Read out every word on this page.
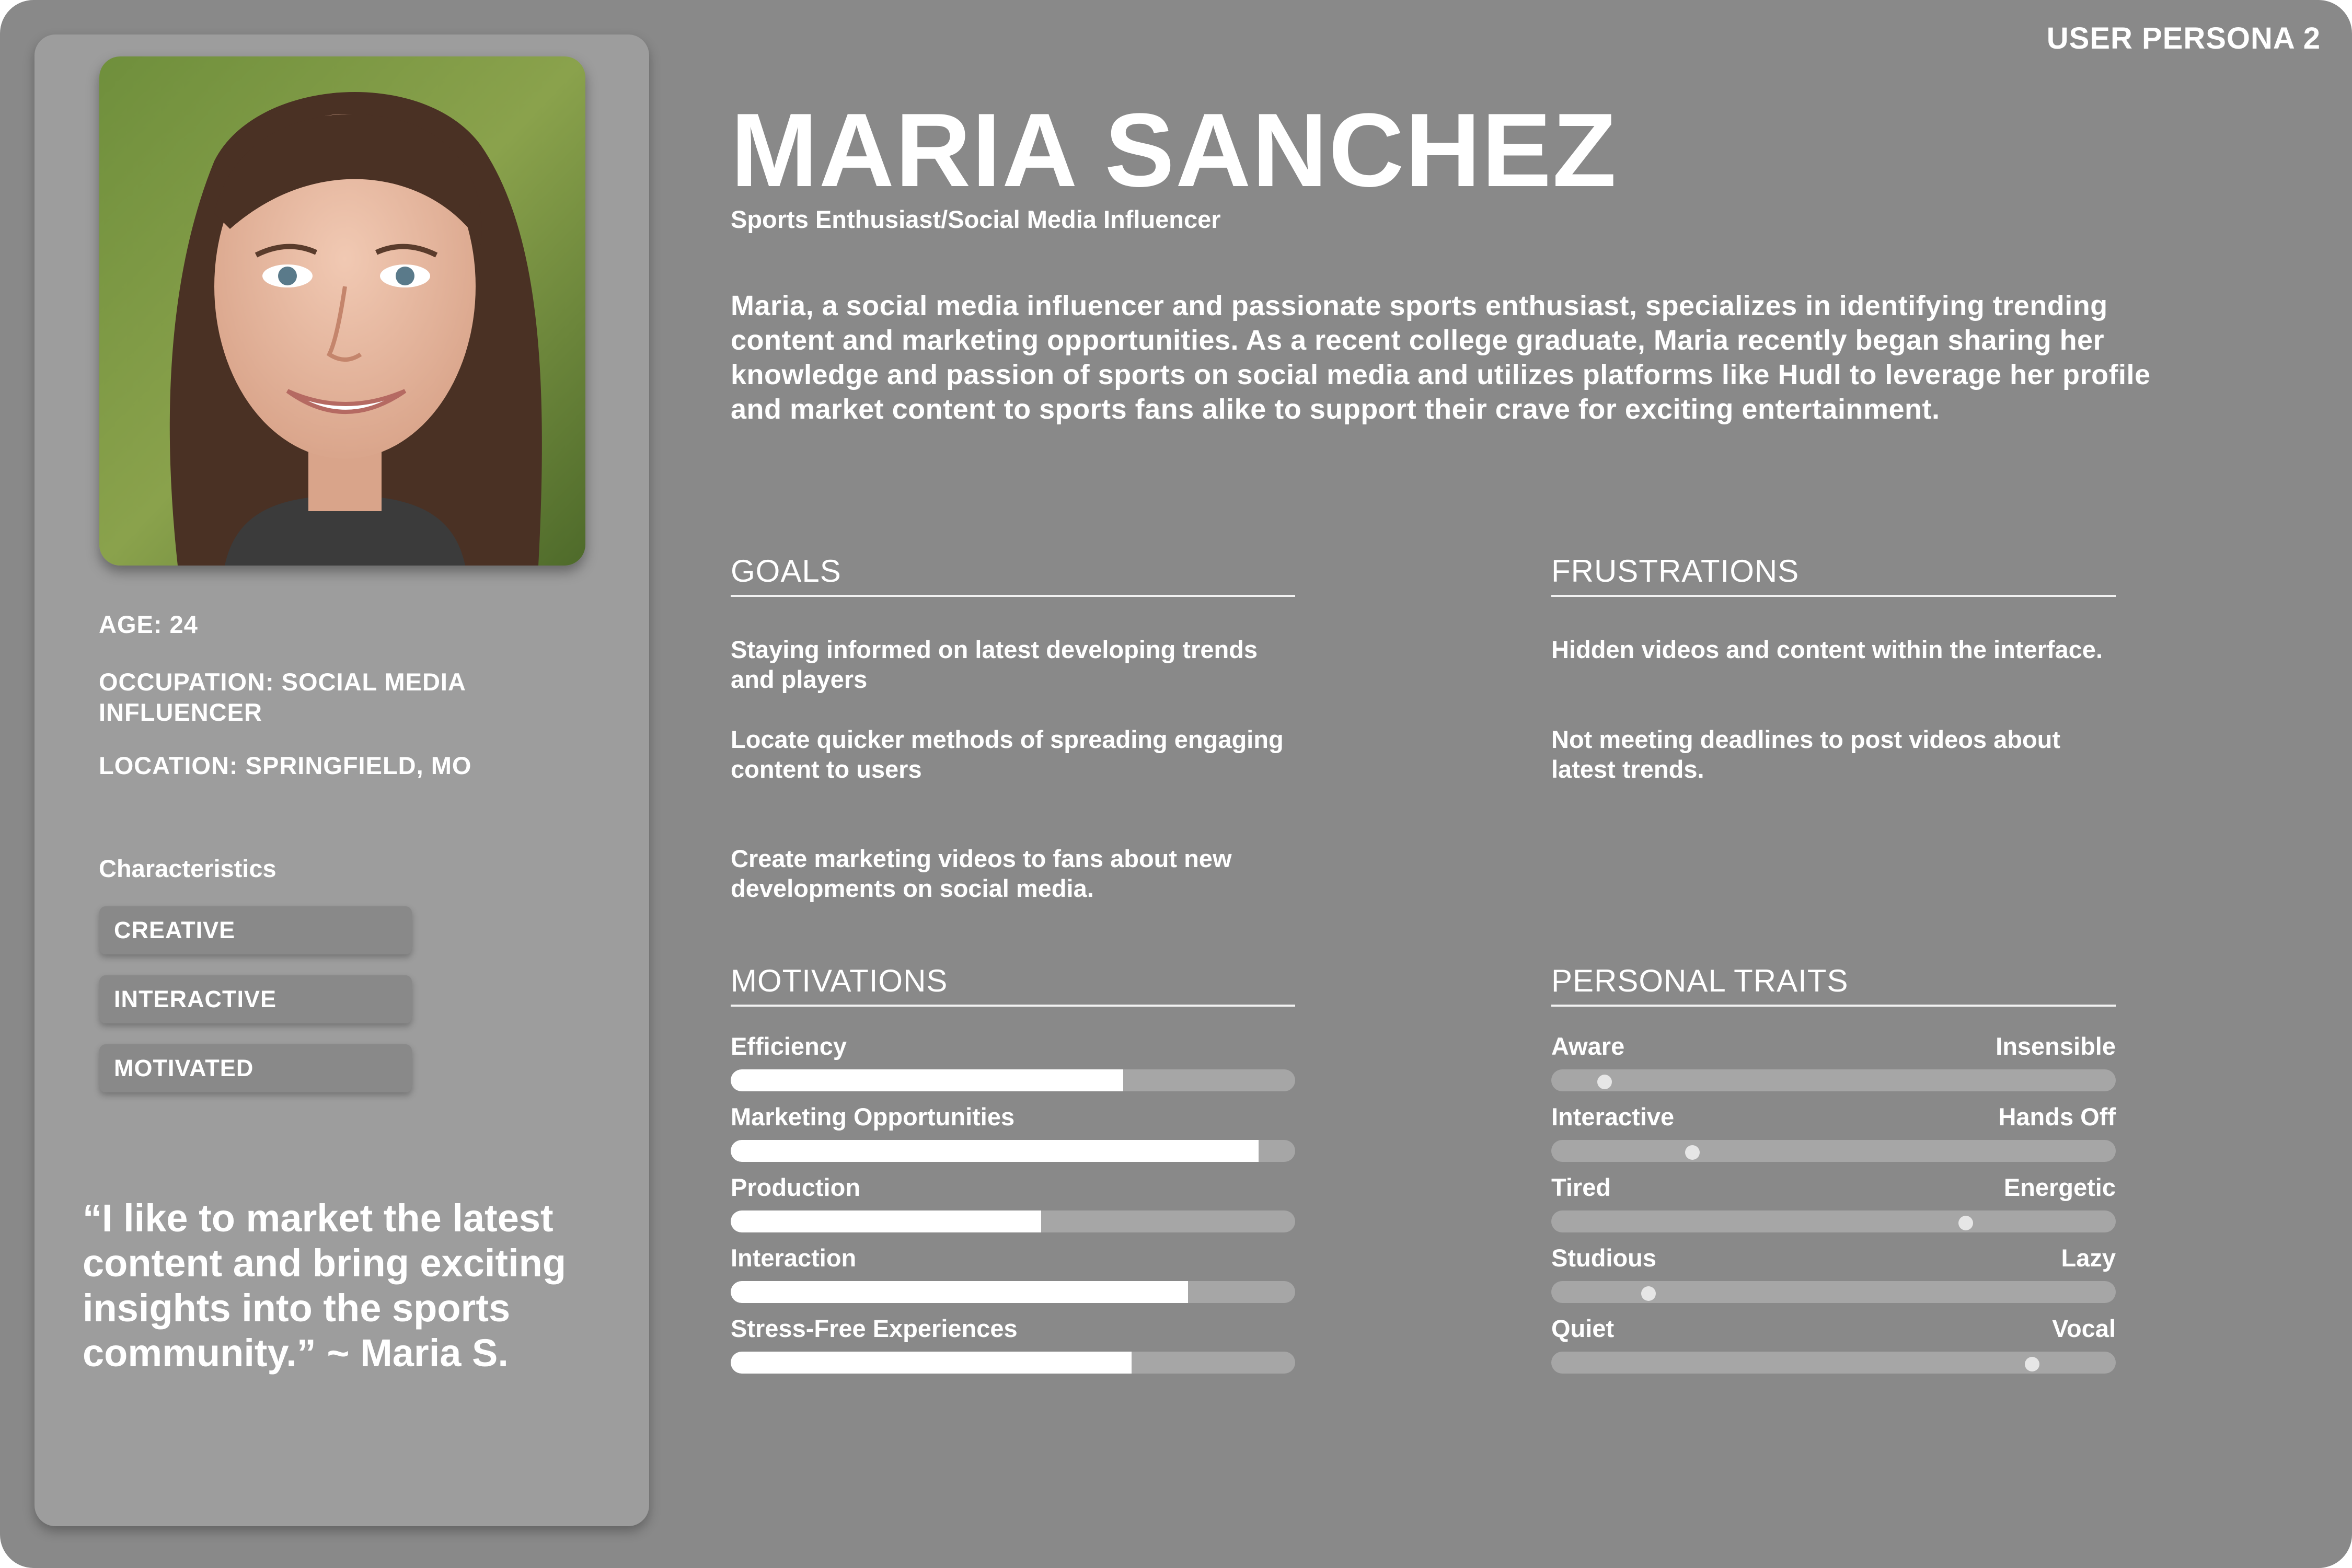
USER PERSONA 2
AGE: 24
OCCUPATION: SOCIAL MEDIA INFLUENCER
LOCATION: SPRINGFIELD, MO
Characteristics
CREATIVE
INTERACTIVE
MOTIVATED
“I like to market the latest content and bring exciting insights into the sports community.” ~ Maria S.
MARIA SANCHEZ
Sports Enthusiast/Social Media Influencer
Maria, a social media influencer and passionate sports enthusiast, specializes in identifying trending content and marketing opportunities. As a recent college graduate, Maria recently began sharing her knowledge and passion of sports on social media and utilizes platforms like Hudl to leverage her profile and market content to sports fans alike to support their crave for exciting entertainment.
GOALS
Staying informed on latest developing trends and players
Locate quicker methods of spreading engaging content to users
Create marketing videos to fans about new developments on social media.
FRUSTRATIONS
Hidden videos and content within the interface.
Not meeting deadlines to post videos about latest trends.
MOTIVATIONS
Efficiency
Marketing Opportunities
Production
Interaction
Stress-Free Experiences
PERSONAL TRAITS
Aware	Insensible
Interactive	Hands Off
Tired	Energetic
Studious	Lazy
Quiet	Vocal
